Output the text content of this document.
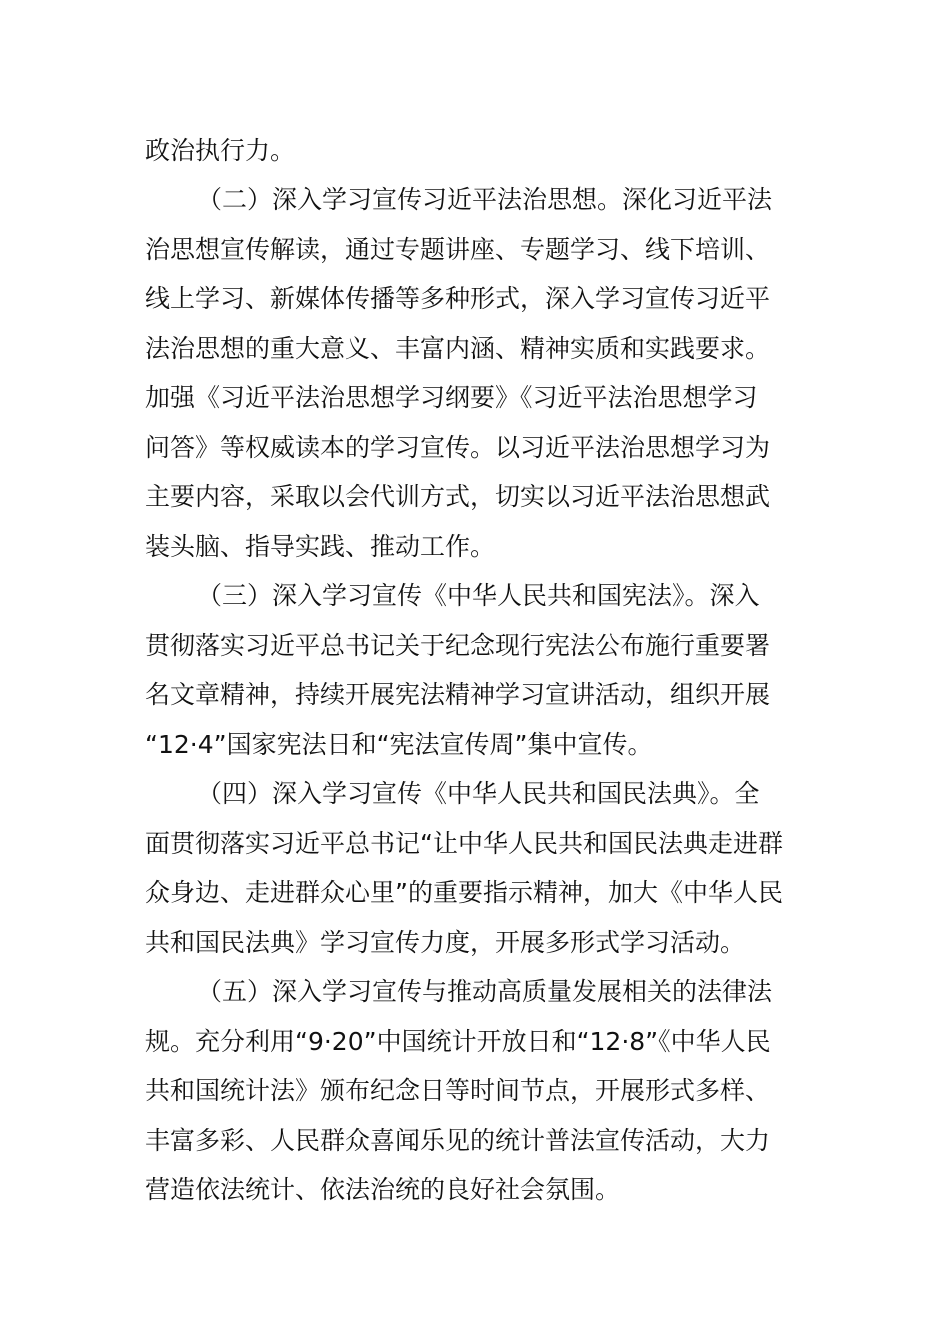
政治执行力。
（二）深入学习宣传习近平法治思想。深化习近平法
治思想宣传解读，通过专题讲座、专题学习、线下培训、
线上学习、新媒体传播等多种形式，深入学习宣传习近平
法治思想的重大意义、丰富内涵、精神实质和实践要求。
加强《习近平法治思想学习纲要》《习近平法治思想学习
问答》等权威读本的学习宣传。以习近平法治思想学习为
主要内容，采取以会代训方式，切实以习近平法治思想武
装头脑、指导实践、推动工作。
（三）深入学习宣传《中华人民共和国宪法》。深入
贯彻落实习近平总书记关于纪念现行宪法公布施行重要署
名文章精神，持续开展宪法精神学习宣讲活动，组织开展
“12·4”国家宪法日和“宪法宣传周”集中宣传。
（四）深入学习宣传《中华人民共和国民法典》。全
面贯彻落实习近平总书记“让中华人民共和国民法典走进群
众身边、走进群众心里”的重要指示精神，加大《中华人民
共和国民法典》学习宣传力度，开展多形式学习活动。
（五）深入学习宣传与推动高质量发展相关的法律法
规。充分利用“9·20”中国统计开放日和“12·8”《中华人民
共和国统计法》颁布纪念日等时间节点，开展形式多样、
丰富多彩、人民群众喜闻乐见的统计普法宣传活动，大力
营造依法统计、依法治统的良好社会氛围。
